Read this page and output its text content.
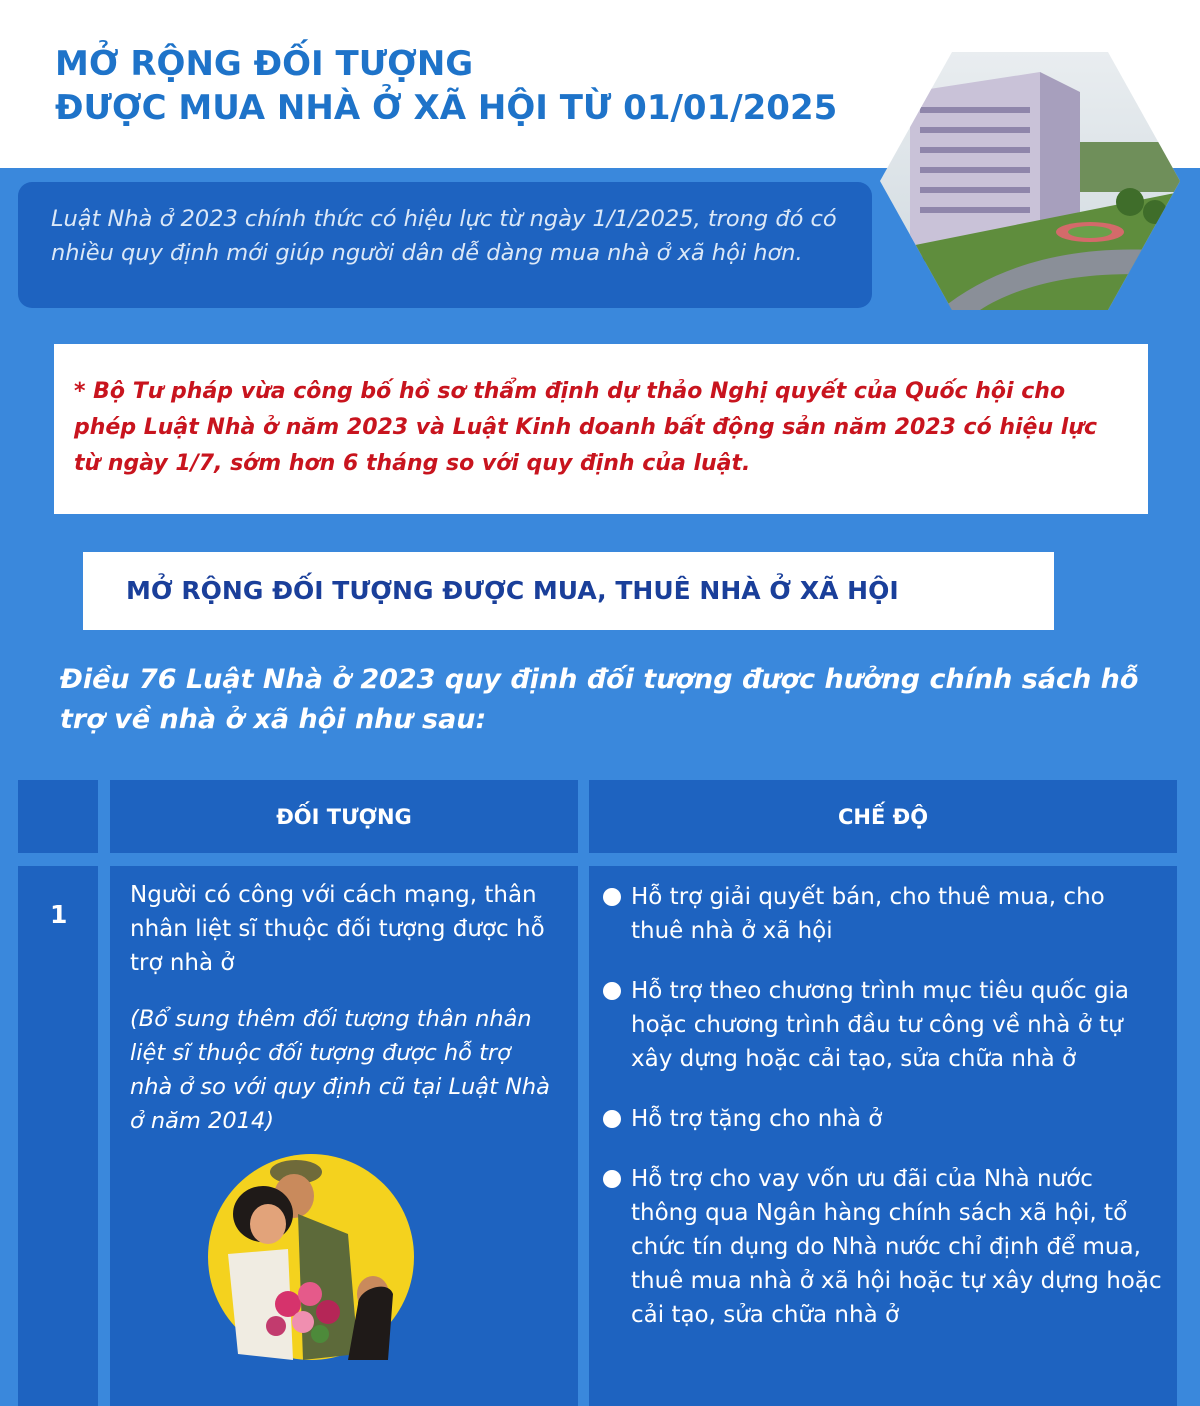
MỞ RỘNG ĐỐI TƯỢNG
ĐƯỢC MUA NHÀ Ở XÃ HỘI TỪ 01/01/2025

Luật Nhà ở 2023 chính thức có hiệu lực từ ngày 1/1/2025, trong đó có nhiều quy định mới giúp người dân dễ dàng mua nhà ở xã hội hơn.

* Bộ Tư pháp vừa công bố hồ sơ thẩm định dự thảo Nghị quyết của Quốc hội cho phép Luật Nhà ở năm 2023 và Luật Kinh doanh bất động sản năm 2023 có hiệu lực từ ngày 1/7, sớm hơn 6 tháng so với quy định của luật.

MỞ RỘNG ĐỐI TƯỢNG ĐƯỢC MUA, THUÊ NHÀ Ở XÃ HỘI

Điều 76 Luật Nhà ở 2023 quy định đối tượng được hưởng chính sách hỗ trợ về nhà ở xã hội như sau:

ĐỐI TƯỢNG	CHẾ ĐỘ
1

Người có công với cách mạng, thân nhân liệt sĩ thuộc đối tượng được hỗ trợ nhà ở

(Bổ sung thêm đối tượng thân nhân liệt sĩ thuộc đối tượng được hỗ trợ nhà ở so với quy định cũ tại Luật Nhà ở năm 2014)

Hỗ trợ giải quyết bán, cho thuê mua, cho thuê nhà ở xã hội
Hỗ trợ theo chương trình mục tiêu quốc gia hoặc chương trình đầu tư công về nhà ở tự xây dựng hoặc cải tạo, sửa chữa nhà ở
Hỗ trợ tặng cho nhà ở
Hỗ trợ cho vay vốn ưu đãi của Nhà nước thông qua Ngân hàng chính sách xã hội, tổ chức tín dụng do Nhà nước chỉ định để mua, thuê mua nhà ở xã hội hoặc tự xây dựng hoặc cải tạo, sửa chữa nhà ở
